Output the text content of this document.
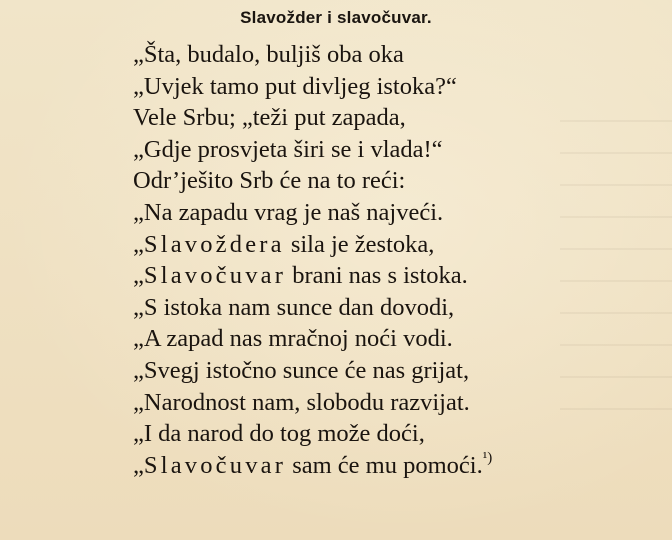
Slavoždеr i slavočuvar.
„Šta, budalo, buljiš oba oka
„Uvjek tamo put divljeg istoka?“
Vele Srbu; „teži put zapada,
„Gdje prosvjeta širi se i vlada!“
Odr’ješito Srb će na to reći:
„Na zapadu vrag je naš najveći.
„Slavoždera sila je žestoka,
„Slavočuvar brani nas s istoka.
„S istoka nam sunce dan dovodi,
„A zapad nas mračnoj noći vodi.
„Svegj istočno sunce će nas grijat,
„Narodnost nam, slobodu razvijat.
„I da narod do tog može doći,
„Slavočuvar sam će mu pomoći.$^{^1)}$
